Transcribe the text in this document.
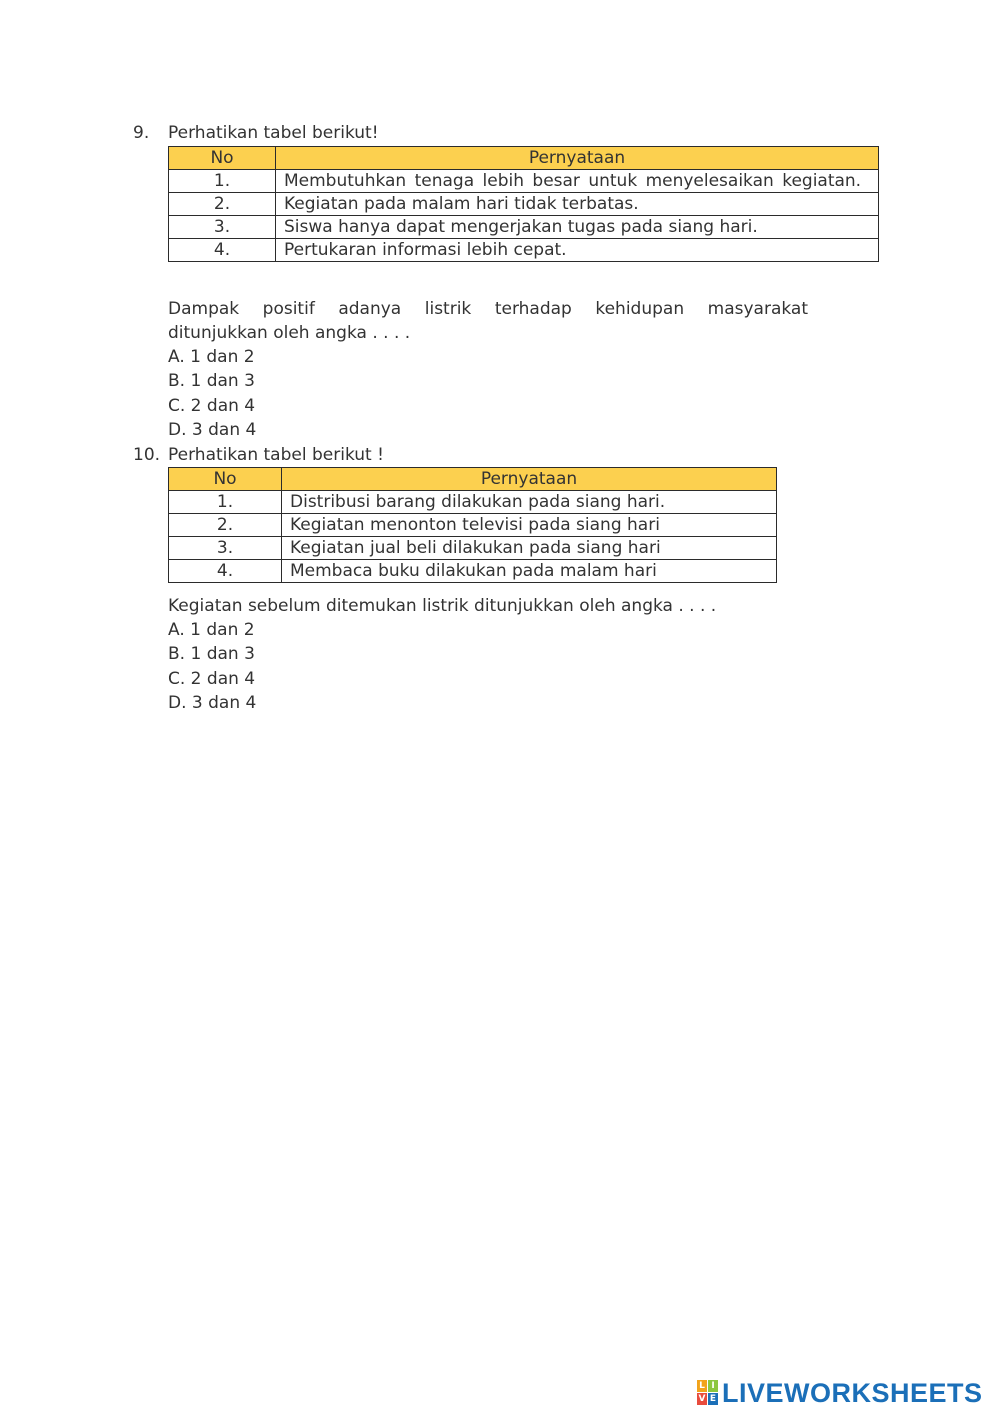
9. Perhatikan tabel berikut!
No	Pernyataan
1.	Membutuhkan tenaga lebih besar untuk menyelesaikan kegiatan.

2.	Kegiatan pada malam hari tidak terbatas.
3.	Siswa hanya dapat mengerjakan tugas pada siang hari.
4.	Pertukaran informasi lebih cepat.
Dampak positif adanya listrik terhadap kehidupan masyarakat
ditunjukkan oleh angka . . . .
A. 1 dan 2
B. 1 dan 3
C. 2 dan 4
D. 3 dan 4
10. Perhatikan tabel berikut !
No	Pernyataan
1.	Distribusi barang dilakukan pada siang hari.
2.	Kegiatan menonton televisi pada siang hari
3.	Kegiatan jual beli dilakukan pada siang hari
4.	Membaca buku dilakukan pada malam hari
Kegiatan sebelum ditemukan listrik ditunjukkan oleh angka . . . .
A. 1 dan 2
B. 1 dan 3
C. 2 dan 4
D. 3 dan 4
L I
V E LIVEWORKSHEETS
